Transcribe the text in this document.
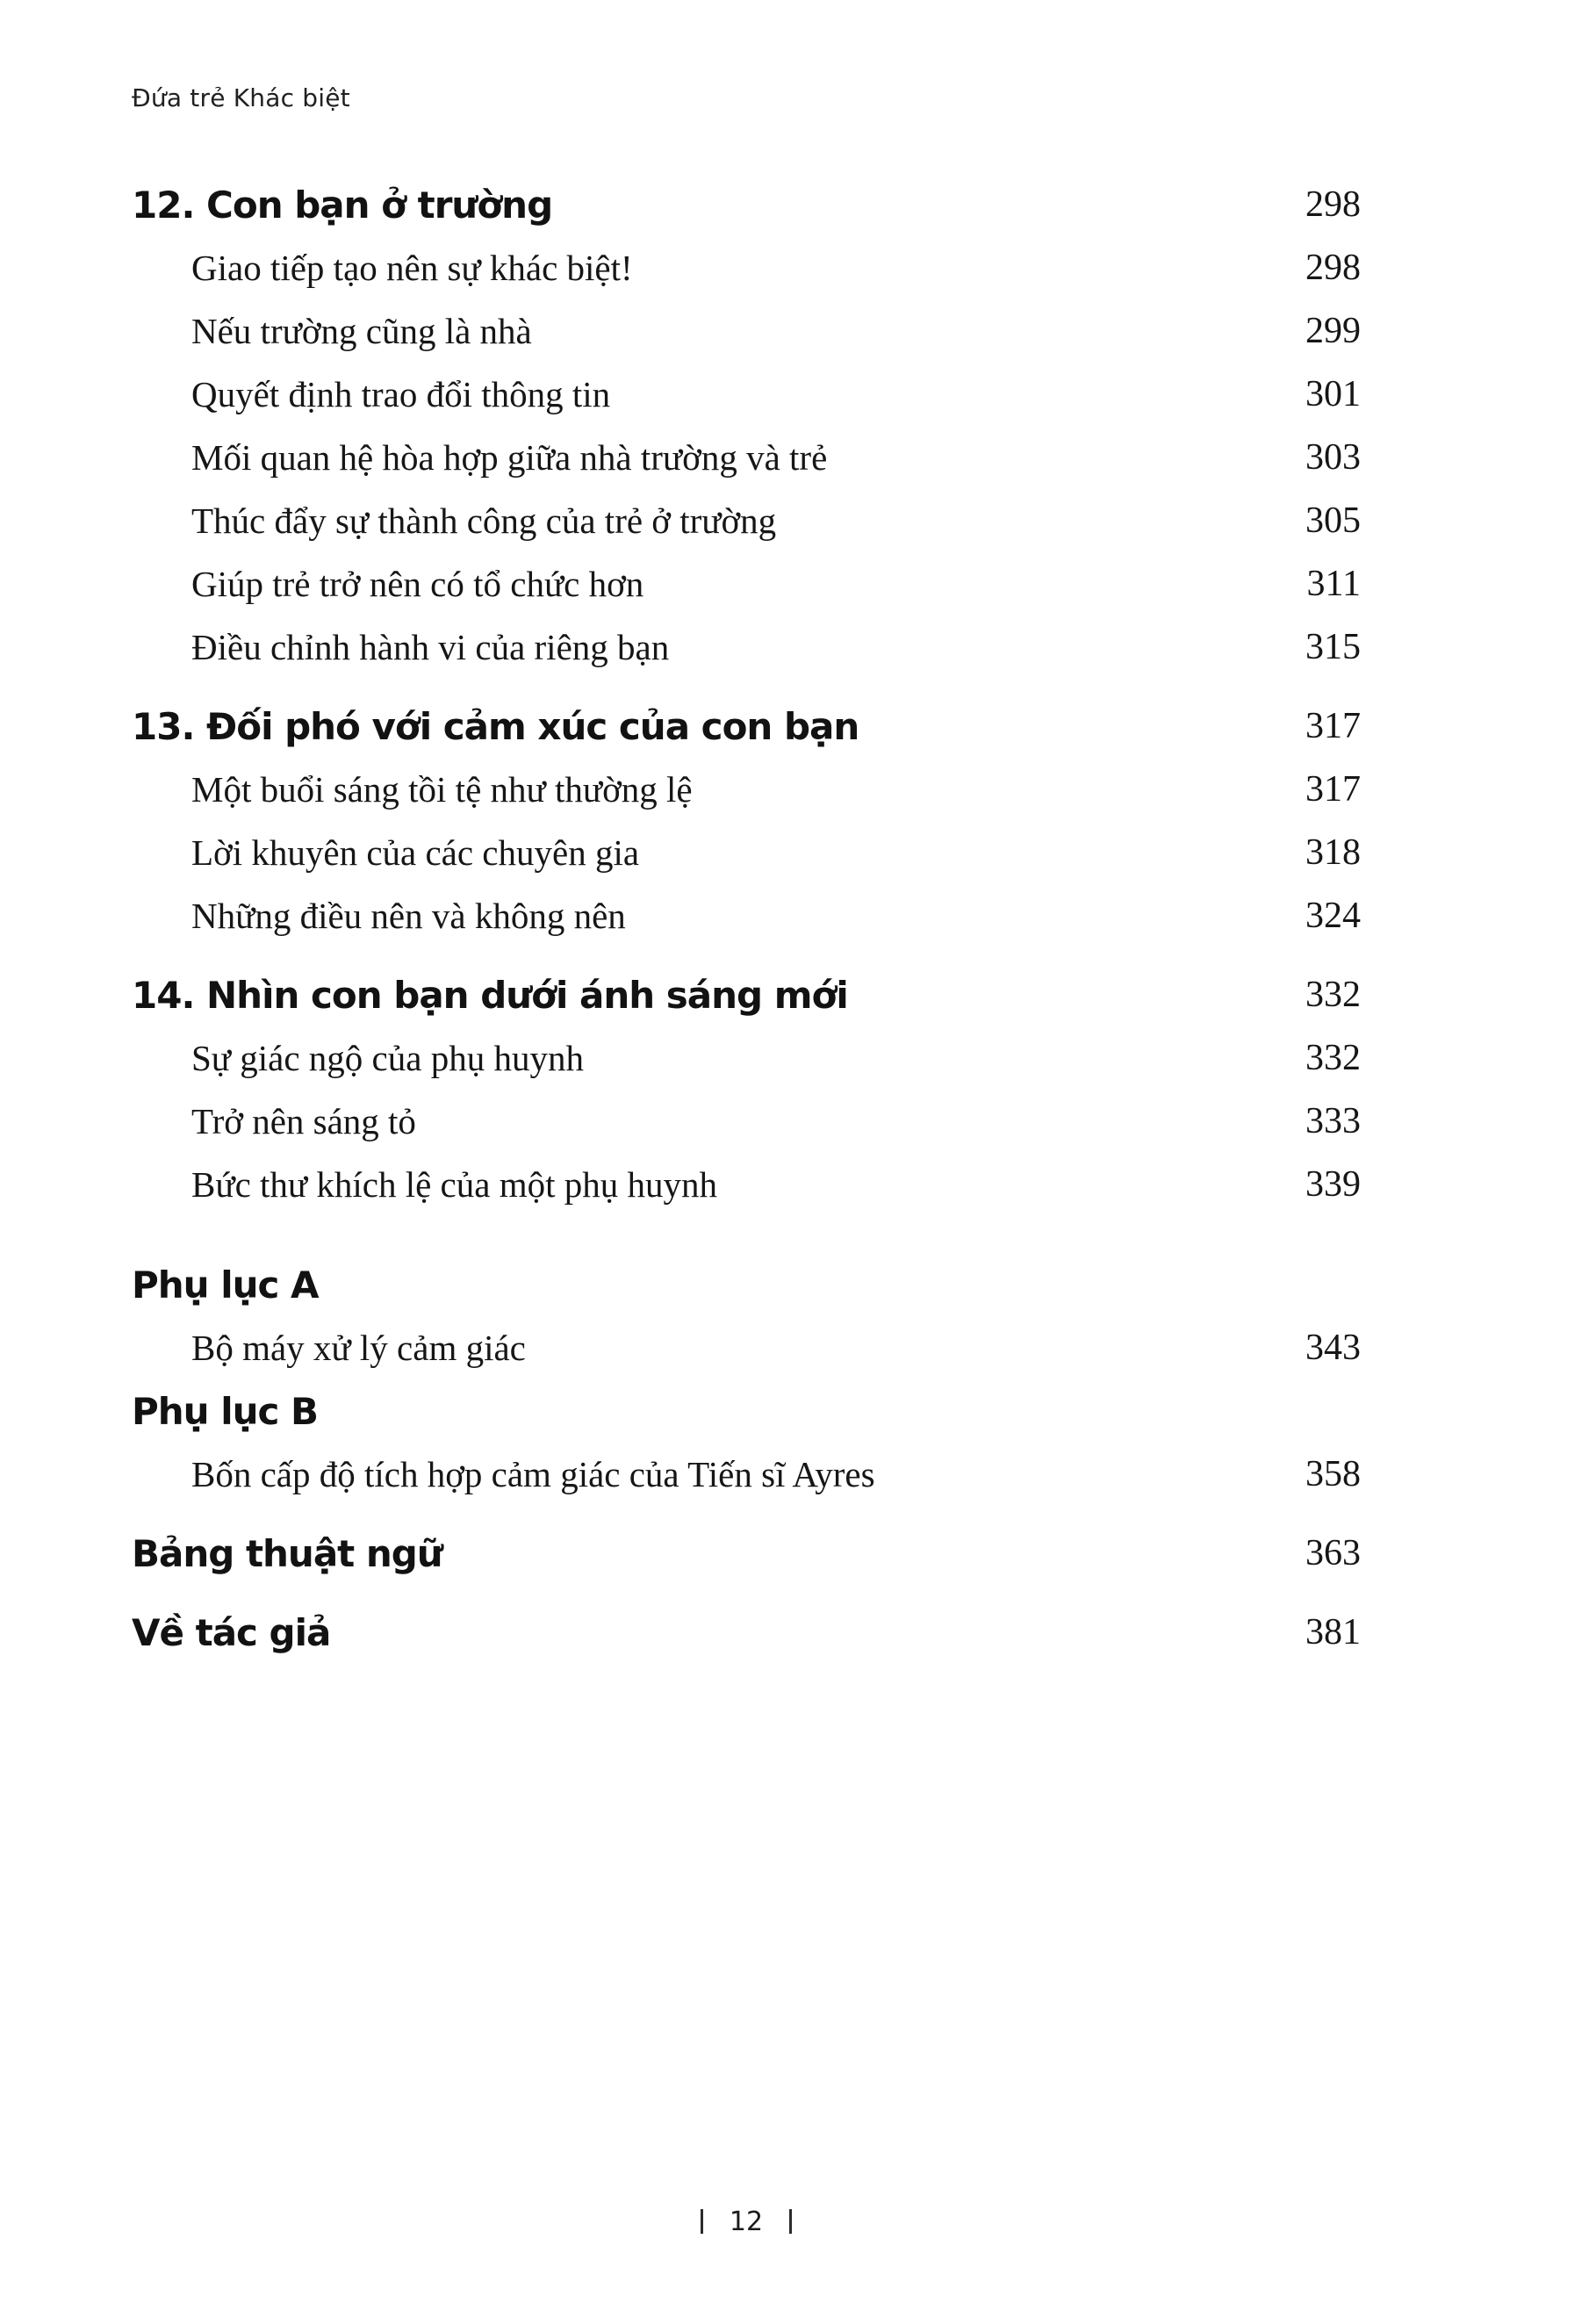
Đứa trẻ Khác biệt
12. Con bạn ở trường	298
Giao tiếp tạo nên sự khác biệt!	298
Nếu trường cũng là nhà	299
Quyết định trao đổi thông tin	301
Mối quan hệ hòa hợp giữa nhà trường và trẻ	303
Thúc đẩy sự thành công của trẻ ở trường	305
Giúp trẻ trở nên có tổ chức hơn	311
Điều chỉnh hành vi của riêng bạn	315
13. Đối phó với cảm xúc của con bạn	317
Một buổi sáng tồi tệ như thường lệ	317
Lời khuyên của các chuyên gia	318
Những điều nên và không nên	324
14. Nhìn con bạn dưới ánh sáng mới	332
Sự giác ngộ của phụ huynh	332
Trở nên sáng tỏ	333
Bức thư khích lệ của một phụ huynh	339
Phụ lục A
Bộ máy xử lý cảm giác	343
Phụ lục B
Bốn cấp độ tích hợp cảm giác của Tiến sĩ Ayres	358
Bảng thuật ngữ	363
Về tác giả	381
12
